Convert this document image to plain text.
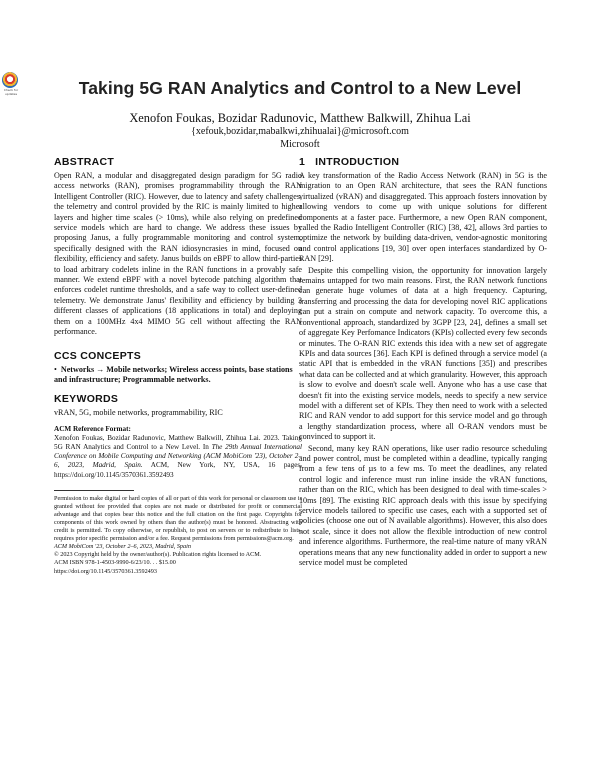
Check for
updates	Taking 5G RAN Analytics and Control to a New Level
Xenofon Foukas, Bozidar Radunovic, Matthew Balkwill, Zhihua Lai
{xefouk,bozidar,mabalkwi,zhihualai}@microsoft.com
Microsoft
ABSTRACT

Open RAN, a modular and disaggregated design paradigm for 5G radio access networks (RAN), promises programmability through the RAN Intelligent Controller (RIC). However, due to latency and safety challenges, the telemetry and control provided by the RIC is mainly limited to higher layers and higher time scales (> 10ms), while also relying on predefined service models which are hard to change. We address these issues by proposing Janus, a fully programmable monitoring and control system, specifically designed with the RAN idiosyncrasies in mind, focused on flexibility, efficiency and safety. Janus builds on eBPF to allow third-parties to load arbitrary codelets inline in the RAN functions in a provably safe manner. We extend eBPF with a novel bytecode patching algorithm that enforces codelet runtime thresholds, and a safe way to collect user-defined telemetry. We demonstrate Janus' flexibility and efficiency by building 3 different classes of applications (18 applications in total) and deploying them on a 100MHz 4x4 MIMO 5G cell without affecting the RAN performance.

CCS CONCEPTS
• Networks → Mobile networks; Wireless access points, base stations and infrastructure; Programmable networks.
KEYWORDS
vRAN, 5G, mobile networks, programmability, RIC
ACM Reference Format:
Xenofon Foukas, Bozidar Radunovic, Matthew Balkwill, Zhihua Lai. 2023. Taking 5G RAN Analytics and Control to a New Level. In The 29th Annual International Conference on Mobile Computing and Networking (ACM MobiCom '23), October 2–6, 2023, Madrid, Spain. ACM, New York, NY, USA, 16 pages. https://doi.org/10.1145/3570361.3592493
Permission to make digital or hard copies of all or part of this work for personal or classroom use is granted without fee provided that copies are not made or distributed for profit or commercial advantage and that copies bear this notice and the full citation on the first page. Copyrights for components of this work owned by others than the author(s) must be honored. Abstracting with credit is permitted. To copy otherwise, or republish, to post on servers or to redistribute to lists, requires prior specific permission and/or a fee. Request permissions from permissions@acm.org.
ACM MobiCom '23, October 2–6, 2023, Madrid, Spain
© 2023 Copyright held by the owner/author(s). Publication rights licensed to ACM.
ACM ISBN 978-1-4503-9990-6/23/10. . . $15.00
https://doi.org/10.1145/3570361.3592493
1 INTRODUCTION

A key transformation of the Radio Access Network (RAN) in 5G is the migration to an Open RAN architecture, that sees the RAN functions virtualized (vRAN) and disaggregated. This approach fosters innovation by allowing vendors to come up with unique solutions for different components at a faster pace. Furthermore, a new Open RAN component, called the Radio Intelligent Controller (RIC) [38, 42], allows 3rd parties to optimize the network by building data-driven, vendor-agnostic monitoring and control applications [19, 30] over open interfaces standardized by O-RAN [29].

Despite this compelling vision, the opportunity for innovation largely remains untapped for two main reasons. First, the RAN network functions can generate huge volumes of data at a high frequency. Capturing, transferring and processing the data for developing novel RIC applications can put a strain on compute and network capacity. To overcome this, a conventional approach, standardized by 3GPP [23, 24], defines a small set of aggregate Key Perfomance Indicators (KPIs) collected every few seconds or minutes. The O-RAN RIC extends this idea with a new set of aggregate KPIs and data sources [36]. Each KPI is defined through a service model (a static API that is embedded in the vRAN functions [35]) and prescribes what data can be collected and at which granularity. However, this approach is slow to evolve and doesn't scale well. Anyone who has a use case that doesn't fit into the existing service models, needs to specify a new service model with a different set of KPIs. They then need to work with a selected RIC and RAN vendor to add support for this service model and go through a lengthy standardization process, where all O-RAN vendors must be convinced to support it.

Second, many key RAN operations, like user radio resource scheduling and power control, must be completed within a deadline, typically ranging from a few tens of µs to a few ms. To meet the deadlines, any related control logic and inference must run inline inside the vRAN functions, rather than on the RIC, which has been designed to deal with time-scales > 10ms [89]. The existing RIC approach deals with this issue by specifying service models tailored to specific use cases, each with a supported set of policies (choose one out of N available algorithms). However, this also does not scale, since it does not allow the flexible introduction of new control and inference algorithms. Furthermore, the real-time nature of many vRAN operations means that any new functionality added in order to support a new service model must be completed
